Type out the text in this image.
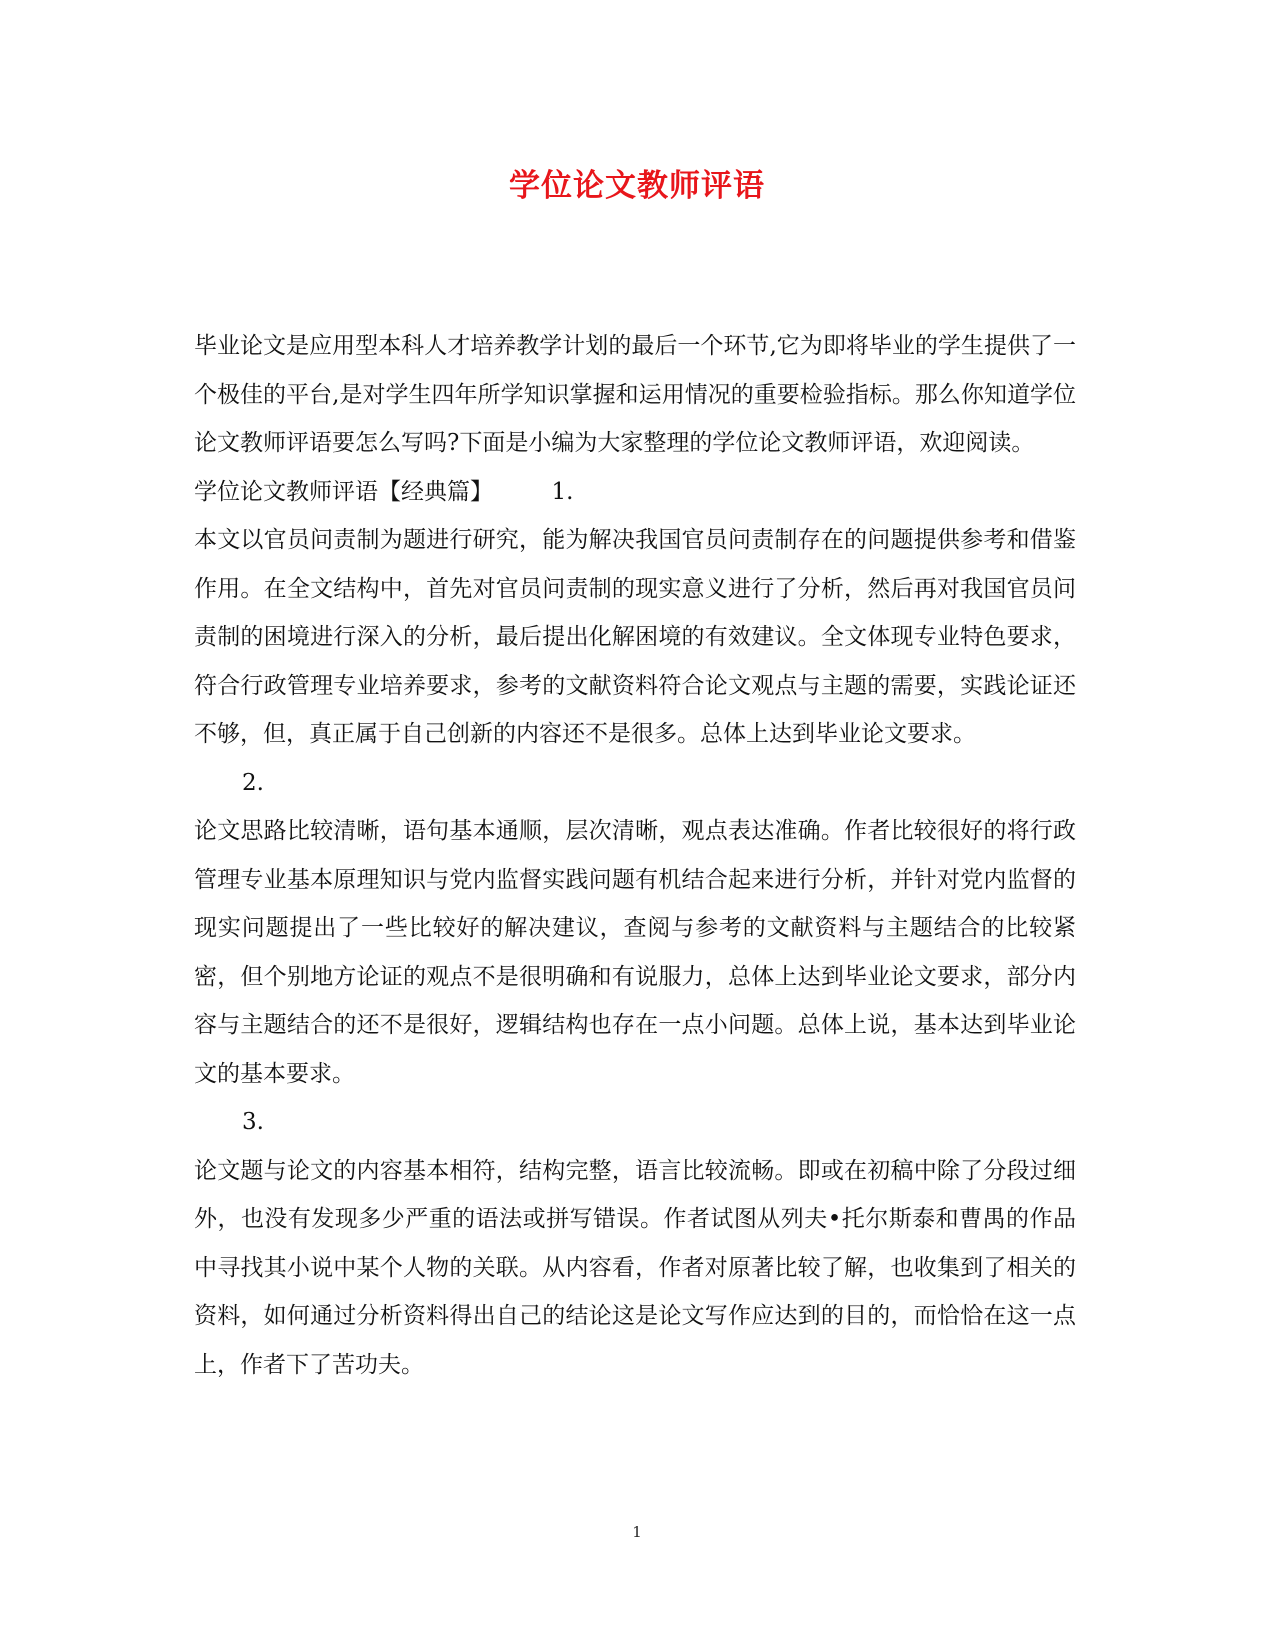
学位论文教师评语

毕业论文是应用型本科人才培养教学计划的最后一个环节,它为即将毕业的学生提供了一个极佳的平台,是对学生四年所学知识掌握和运用情况的重要检验指标。那么你知道学位论文教师评语要怎么写吗?下面是小编为大家整理的学位论文教师评语，欢迎阅读。

学位论文教师评语【经典篇】	1.

本文以官员问责制为题进行研究，能为解决我国官员问责制存在的问题提供参考和借鉴作用。在全文结构中，首先对官员问责制的现实意义进行了分析，然后再对我国官员问责制的困境进行深入的分析，最后提出化解困境的有效建议。全文体现专业特色要求，符合行政管理专业培养要求，参考的文献资料符合论文观点与主题的需要，实践论证还不够，但，真正属于自己创新的内容还不是很多。总体上达到毕业论文要求。

2.

论文思路比较清晰，语句基本通顺，层次清晰，观点表达准确。作者比较很好的将行政管理专业基本原理知识与党内监督实践问题有机结合起来进行分析，并针对党内监督的现实问题提出了一些比较好的解决建议，查阅与参考的文献资料与主题结合的比较紧密，但个别地方论证的观点不是很明确和有说服力，总体上达到毕业论文要求，部分内容与主题结合的还不是很好，逻辑结构也存在一点小问题。总体上说，基本达到毕业论文的基本要求。

3.

论文题与论文的内容基本相符，结构完整，语言比较流畅。即或在初稿中除了分段过细外，也没有发现多少严重的语法或拼写错误。作者试图从列夫•托尔斯泰和曹禺的作品中寻找其小说中某个人物的关联。从内容看，作者对原著比较了解，也收集到了相关的资料，如何通过分析资料得出自己的结论这是论文写作应达到的目的，而恰恰在这一点上，作者下了苦功夫。

1
